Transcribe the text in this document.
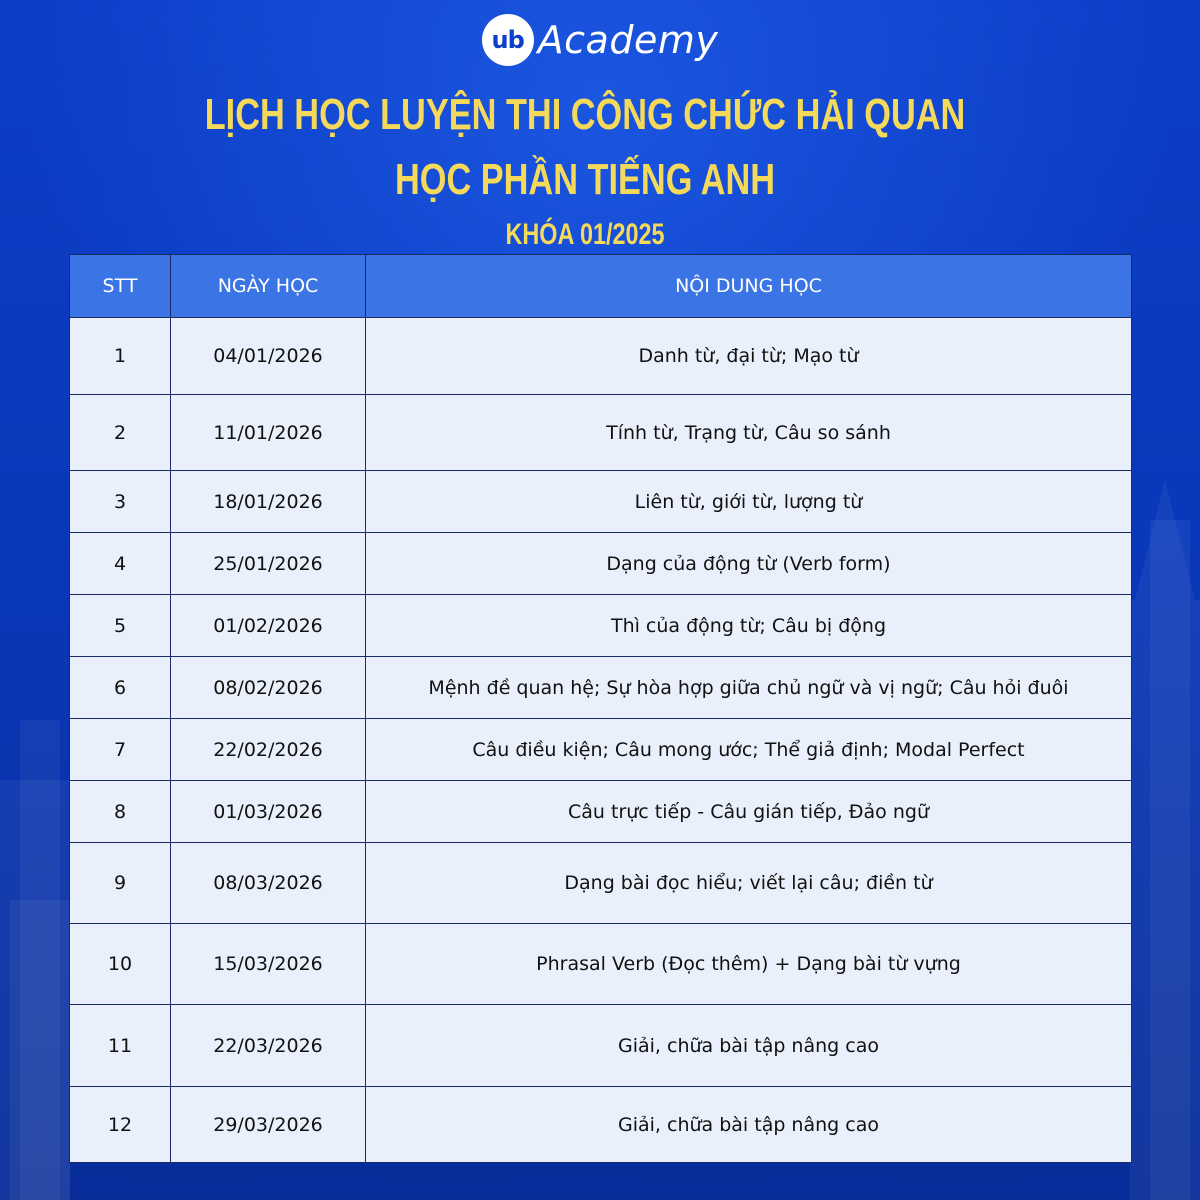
ub Academy
LỊCH HỌC LUYỆN THI CÔNG CHỨC HẢI QUAN
HỌC PHẦN TIẾNG ANH
KHÓA 01/2025
STT	NGÀY HỌC	NỘI DUNG HỌC
1	04/01/2026	Danh từ, đại từ; Mạo từ
2	11/01/2026	Tính từ, Trạng từ, Câu so sánh
3	18/01/2026	Liên từ, giới từ, lượng từ
4	25/01/2026	Dạng của động từ (Verb form)
5	01/02/2026	Thì của động từ; Câu bị động
6	08/02/2026	Mệnh đề quan hệ; Sự hòa hợp giữa chủ ngữ và vị ngữ; Câu hỏi đuôi
7	22/02/2026	Câu điều kiện; Câu mong ước; Thể giả định; Modal Perfect
8	01/03/2026	Câu trực tiếp - Câu gián tiếp, Đảo ngữ
9	08/03/2026	Dạng bài đọc hiểu; viết lại câu; điền từ
10	15/03/2026	Phrasal Verb (Đọc thêm) + Dạng bài từ vựng
11	22/03/2026	Giải, chữa bài tập nâng cao
12	29/03/2026	Giải, chữa bài tập nâng cao
